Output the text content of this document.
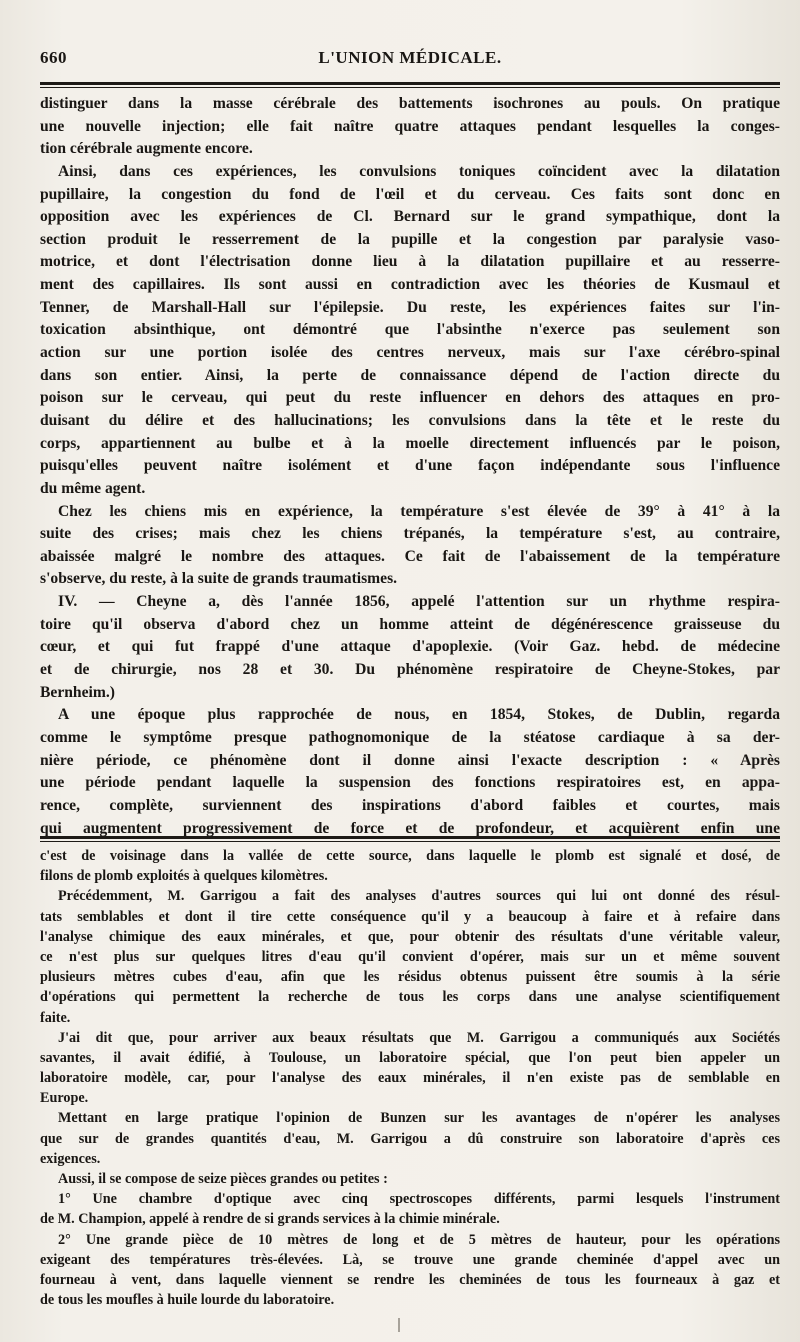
660	L'UNION MÉDICALE.
distinguer dans la masse cérébrale des battements isochrones au pouls. On pratique
une nouvelle injection; elle fait naître quatre attaques pendant lesquelles la conges-
tion cérébrale augmente encore.
Ainsi, dans ces expériences, les convulsions toniques coïncident avec la dilatation
pupillaire, la congestion du fond de l'œil et du cerveau. Ces faits sont donc en
opposition avec les expériences de Cl. Bernard sur le grand sympathique, dont la
section produit le resserrement de la pupille et la congestion par paralysie vaso-
motrice, et dont l'électrisation donne lieu à la dilatation pupillaire et au resserre-
ment des capillaires. Ils sont aussi en contradiction avec les théories de Kusmaul et
Tenner, de Marshall-Hall sur l'épilepsie. Du reste, les expériences faites sur l'in-
toxication absinthique, ont démontré que l'absinthe n'exerce pas seulement son
action sur une portion isolée des centres nerveux, mais sur l'axe cérébro-spinal
dans son entier. Ainsi, la perte de connaissance dépend de l'action directe du
poison sur le cerveau, qui peut du reste influencer en dehors des attaques en pro-
duisant du délire et des hallucinations; les convulsions dans la tête et le reste du
corps, appartiennent au bulbe et à la moelle directement influencés par le poison,
puisqu'elles peuvent naître isolément et d'une façon indépendante sous l'influence
du même agent.
Chez les chiens mis en expérience, la température s'est élevée de 39° à 41° à la
suite des crises; mais chez les chiens trépanés, la température s'est, au contraire,
abaissée malgré le nombre des attaques. Ce fait de l'abaissement de la température
s'observe, du reste, à la suite de grands traumatismes.
IV. — Cheyne a, dès l'année 1856, appelé l'attention sur un rhythme respira-
toire qu'il observa d'abord chez un homme atteint de dégénérescence graisseuse du
cœur, et qui fut frappé d'une attaque d'apoplexie. (Voir Gaz. hebd. de médecine
et de chirurgie, nos 28 et 30. Du phénomène respiratoire de Cheyne-Stokes, par
Bernheim.)
A une époque plus rapprochée de nous, en 1854, Stokes, de Dublin, regarda
comme le symptôme presque pathognomonique de la stéatose cardiaque à sa der-
nière période, ce phénomène dont il donne ainsi l'exacte description : « Après
une période pendant laquelle la suspension des fonctions respiratoires est, en appa-
rence, complète, surviennent des inspirations d'abord faibles et courtes, mais
qui augmentent progressivement de force et de profondeur, et acquièrent enfin une
c'est de voisinage dans la vallée de cette source, dans laquelle le plomb est signalé et dosé, de
filons de plomb exploités à quelques kilomètres.
Précédemment, M. Garrigou a fait des analyses d'autres sources qui lui ont donné des résul-
tats semblables et dont il tire cette conséquence qu'il y a beaucoup à faire et à refaire dans
l'analyse chimique des eaux minérales, et que, pour obtenir des résultats d'une véritable valeur,
ce n'est plus sur quelques litres d'eau qu'il convient d'opérer, mais sur un et même souvent
plusieurs mètres cubes d'eau, afin que les résidus obtenus puissent être soumis à la série
d'opérations qui permettent la recherche de tous les corps dans une analyse scientifiquement
faite.
J'ai dit que, pour arriver aux beaux résultats que M. Garrigou a communiqués aux Sociétés
savantes, il avait édifié, à Toulouse, un laboratoire spécial, que l'on peut bien appeler un
laboratoire modèle, car, pour l'analyse des eaux minérales, il n'en existe pas de semblable en
Europe.
Mettant en large pratique l'opinion de Bunzen sur les avantages de n'opérer les analyses
que sur de grandes quantités d'eau, M. Garrigou a dû construire son laboratoire d'après ces
exigences.
Aussi, il se compose de seize pièces grandes ou petites :
1° Une chambre d'optique avec cinq spectroscopes différents, parmi lesquels l'instrument
de M. Champion, appelé à rendre de si grands services à la chimie minérale.
2° Une grande pièce de 10 mètres de long et de 5 mètres de hauteur, pour les opérations
exigeant des températures très-élevées. Là, se trouve une grande cheminée d'appel avec un
fourneau à vent, dans laquelle viennent se rendre les cheminées de tous les fourneaux à gaz et
de tous les moufles à huile lourde du laboratoire.
